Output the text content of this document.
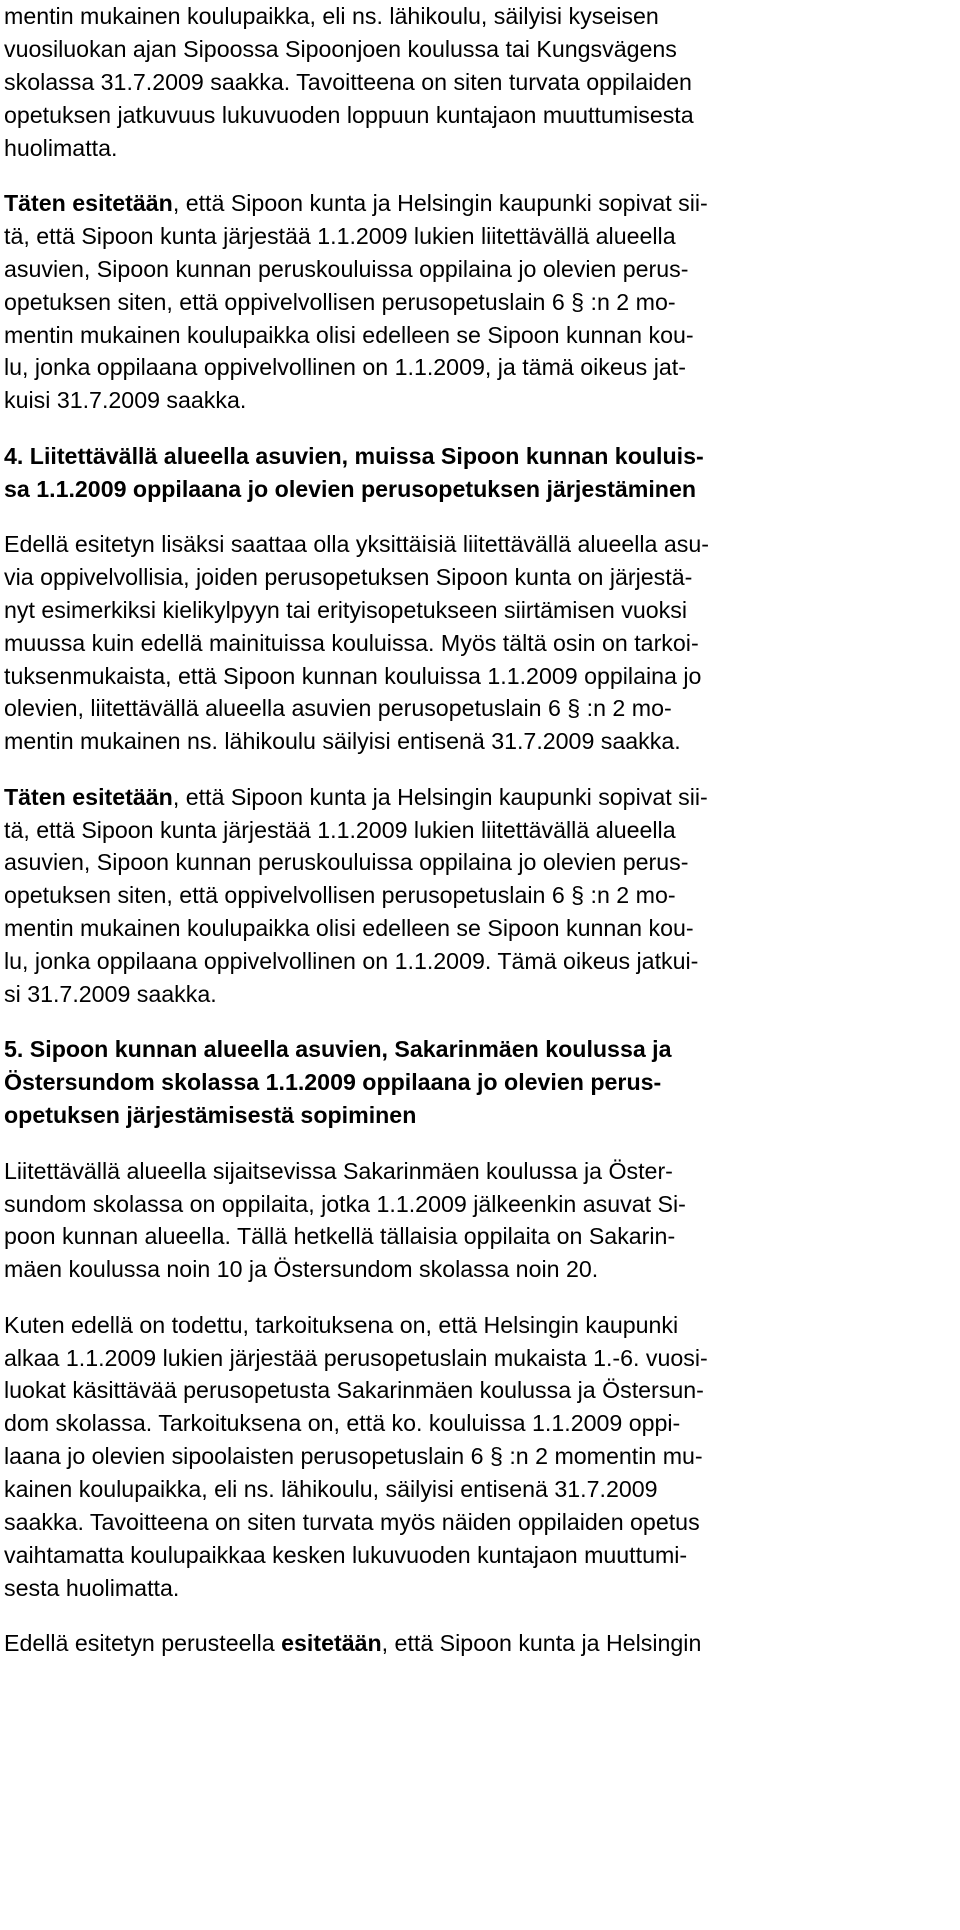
mentin mukainen koulupaikka, eli ns. lähikoulu, säilyisi kyseisen
vuosiluokan ajan Sipoossa Sipoonjoen koulussa tai Kungsvägens
skolassa 31.7.2009 saakka. Tavoitteena on siten turvata oppilaiden
opetuksen jatkuvuus lukuvuoden loppuun kuntajaon muuttumisesta
huolimatta.
Täten esitetään, että Sipoon kunta ja Helsingin kaupunki sopivat sii-
tä, että Sipoon kunta järjestää 1.1.2009 lukien liitettävällä alueella
asuvien, Sipoon kunnan peruskouluissa oppilaina jo olevien perus-
opetuksen siten, että oppivelvollisen perusopetuslain 6 § :n 2 mo-
mentin mukainen koulupaikka olisi edelleen se Sipoon kunnan kou-
lu, jonka oppilaana oppivelvollinen on 1.1.2009, ja tämä oikeus jat-
kuisi 31.7.2009 saakka.
4. Liitettävällä alueella asuvien, muissa Sipoon kunnan kouluis-
sa 1.1.2009 oppilaana jo olevien perusopetuksen järjestäminen
Edellä esitetyn lisäksi saattaa olla yksittäisiä liitettävällä alueella asu-
via oppivelvollisia, joiden perusopetuksen Sipoon kunta on järjestä-
nyt esimerkiksi kielikylpyyn tai erityisopetukseen siirtämisen vuoksi
muussa kuin edellä mainituissa kouluissa. Myös tältä osin on tarkoi-
tuksenmukaista, että Sipoon kunnan kouluissa 1.1.2009 oppilaina jo
olevien, liitettävällä alueella asuvien perusopetuslain 6 § :n 2 mo-
mentin mukainen ns. lähikoulu säilyisi entisenä 31.7.2009 saakka.
Täten esitetään, että Sipoon kunta ja Helsingin kaupunki sopivat sii-
tä, että Sipoon kunta järjestää 1.1.2009 lukien liitettävällä alueella
asuvien, Sipoon kunnan peruskouluissa oppilaina jo olevien perus-
opetuksen siten, että oppivelvollisen perusopetuslain 6 § :n 2 mo-
mentin mukainen koulupaikka olisi edelleen se Sipoon kunnan kou-
lu, jonka oppilaana oppivelvollinen on 1.1.2009. Tämä oikeus jatkui-
si 31.7.2009 saakka.
5. Sipoon kunnan alueella asuvien, Sakarinmäen koulussa ja
Östersundom skolassa 1.1.2009 oppilaana jo olevien perus-
opetuksen järjestämisestä sopiminen
Liitettävällä alueella sijaitsevissa Sakarinmäen koulussa ja Öster-
sundom skolassa on oppilaita, jotka 1.1.2009 jälkeenkin asuvat Si-
poon kunnan alueella. Tällä hetkellä tällaisia oppilaita on Sakarin-
mäen koulussa noin 10 ja Östersundom skolassa noin 20.
Kuten edellä on todettu, tarkoituksena on, että Helsingin kaupunki
alkaa 1.1.2009 lukien järjestää perusopetuslain mukaista 1.-6. vuosi-
luokat käsittävää perusopetusta Sakarinmäen koulussa ja Östersun-
dom skolassa. Tarkoituksena on, että ko. kouluissa 1.1.2009 oppi-
laana jo olevien sipoolaisten perusopetuslain 6 § :n 2 momentin mu-
kainen koulupaikka, eli ns. lähikoulu, säilyisi entisenä 31.7.2009
saakka. Tavoitteena on siten turvata myös näiden oppilaiden opetus
vaihtamatta koulupaikkaa kesken lukuvuoden kuntajaon muuttumi-
sesta huolimatta.
Edellä esitetyn perusteella esitetään, että Sipoon kunta ja Helsingin
